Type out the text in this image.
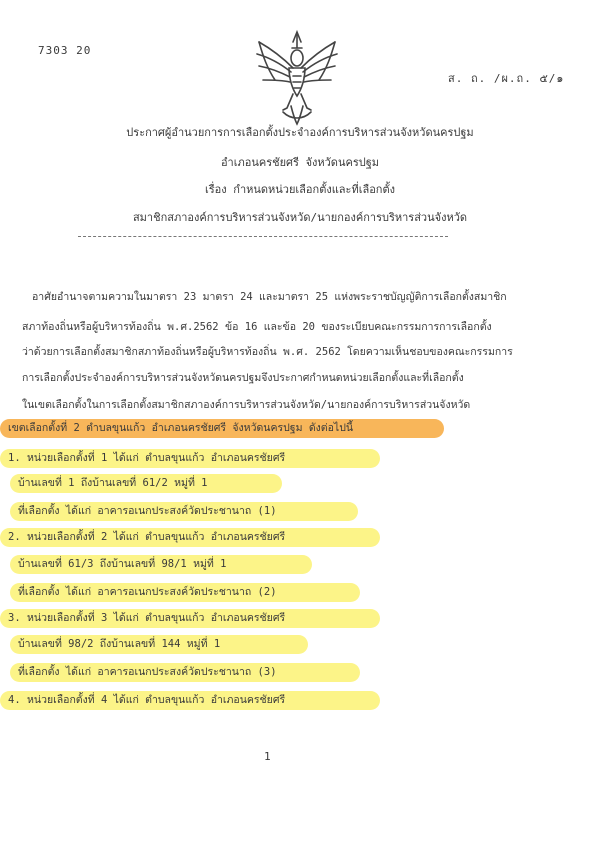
7303 20
ส. ถ. /ผ.ถ. ๕/๑
ประกาศผู้อำนวยการการเลือกตั้งประจำองค์การบริหารส่วนจังหวัดนครปฐม
อำเภอนครชัยศรี จังหวัดนครปฐม
เรื่อง กำหนดหน่วยเลือกตั้งและที่เลือกตั้ง
สมาชิกสภาองค์การบริหารส่วนจังหวัด/นายกองค์การบริหารส่วนจังหวัด
อาศัยอำนาจตามความในมาตรา 23 มาตรา 24 และมาตรา 25 แห่งพระราชบัญญัติการเลือกตั้งสมาชิก
สภาท้องถิ่นหรือผู้บริหารท้องถิ่น พ.ศ.2562 ข้อ 16 และข้อ 20 ของระเบียบคณะกรรมการการเลือกตั้ง
ว่าด้วยการเลือกตั้งสมาชิกสภาท้องถิ่นหรือผู้บริหารท้องถิ่น พ.ศ. 2562 โดยความเห็นชอบของคณะกรรมการ
การเลือกตั้งประจำองค์การบริหารส่วนจังหวัดนครปฐมจึงประกาศกำหนดหน่วยเลือกตั้งและที่เลือกตั้ง
ในเขตเลือกตั้งในการเลือกตั้งสมาชิกสภาองค์การบริหารส่วนจังหวัด/นายกองค์การบริหารส่วนจังหวัด
เขตเลือกตั้งที่ 2 ตำบลขุนแก้ว อำเภอนครชัยศรี จังหวัดนครปฐม ดังต่อไปนี้
1. หน่วยเลือกตั้งที่ 1 ได้แก่ ตำบลขุนแก้ว อำเภอนครชัยศรี
บ้านเลขที่ 1 ถึงบ้านเลขที่ 61/2 หมู่ที่ 1
ที่เลือกตั้ง ได้แก่ อาคารอเนกประสงค์วัดประชานาถ (1)
2. หน่วยเลือกตั้งที่ 2 ได้แก่ ตำบลขุนแก้ว อำเภอนครชัยศรี
บ้านเลขที่ 61/3 ถึงบ้านเลขที่ 98/1 หมู่ที่ 1
ที่เลือกตั้ง ได้แก่ อาคารอเนกประสงค์วัดประชานาถ (2)
3. หน่วยเลือกตั้งที่ 3 ได้แก่ ตำบลขุนแก้ว อำเภอนครชัยศรี
บ้านเลขที่ 98/2 ถึงบ้านเลขที่ 144 หมู่ที่ 1
ที่เลือกตั้ง ได้แก่ อาคารอเนกประสงค์วัดประชานาถ (3)
4. หน่วยเลือกตั้งที่ 4 ได้แก่ ตำบลขุนแก้ว อำเภอนครชัยศรี
1
